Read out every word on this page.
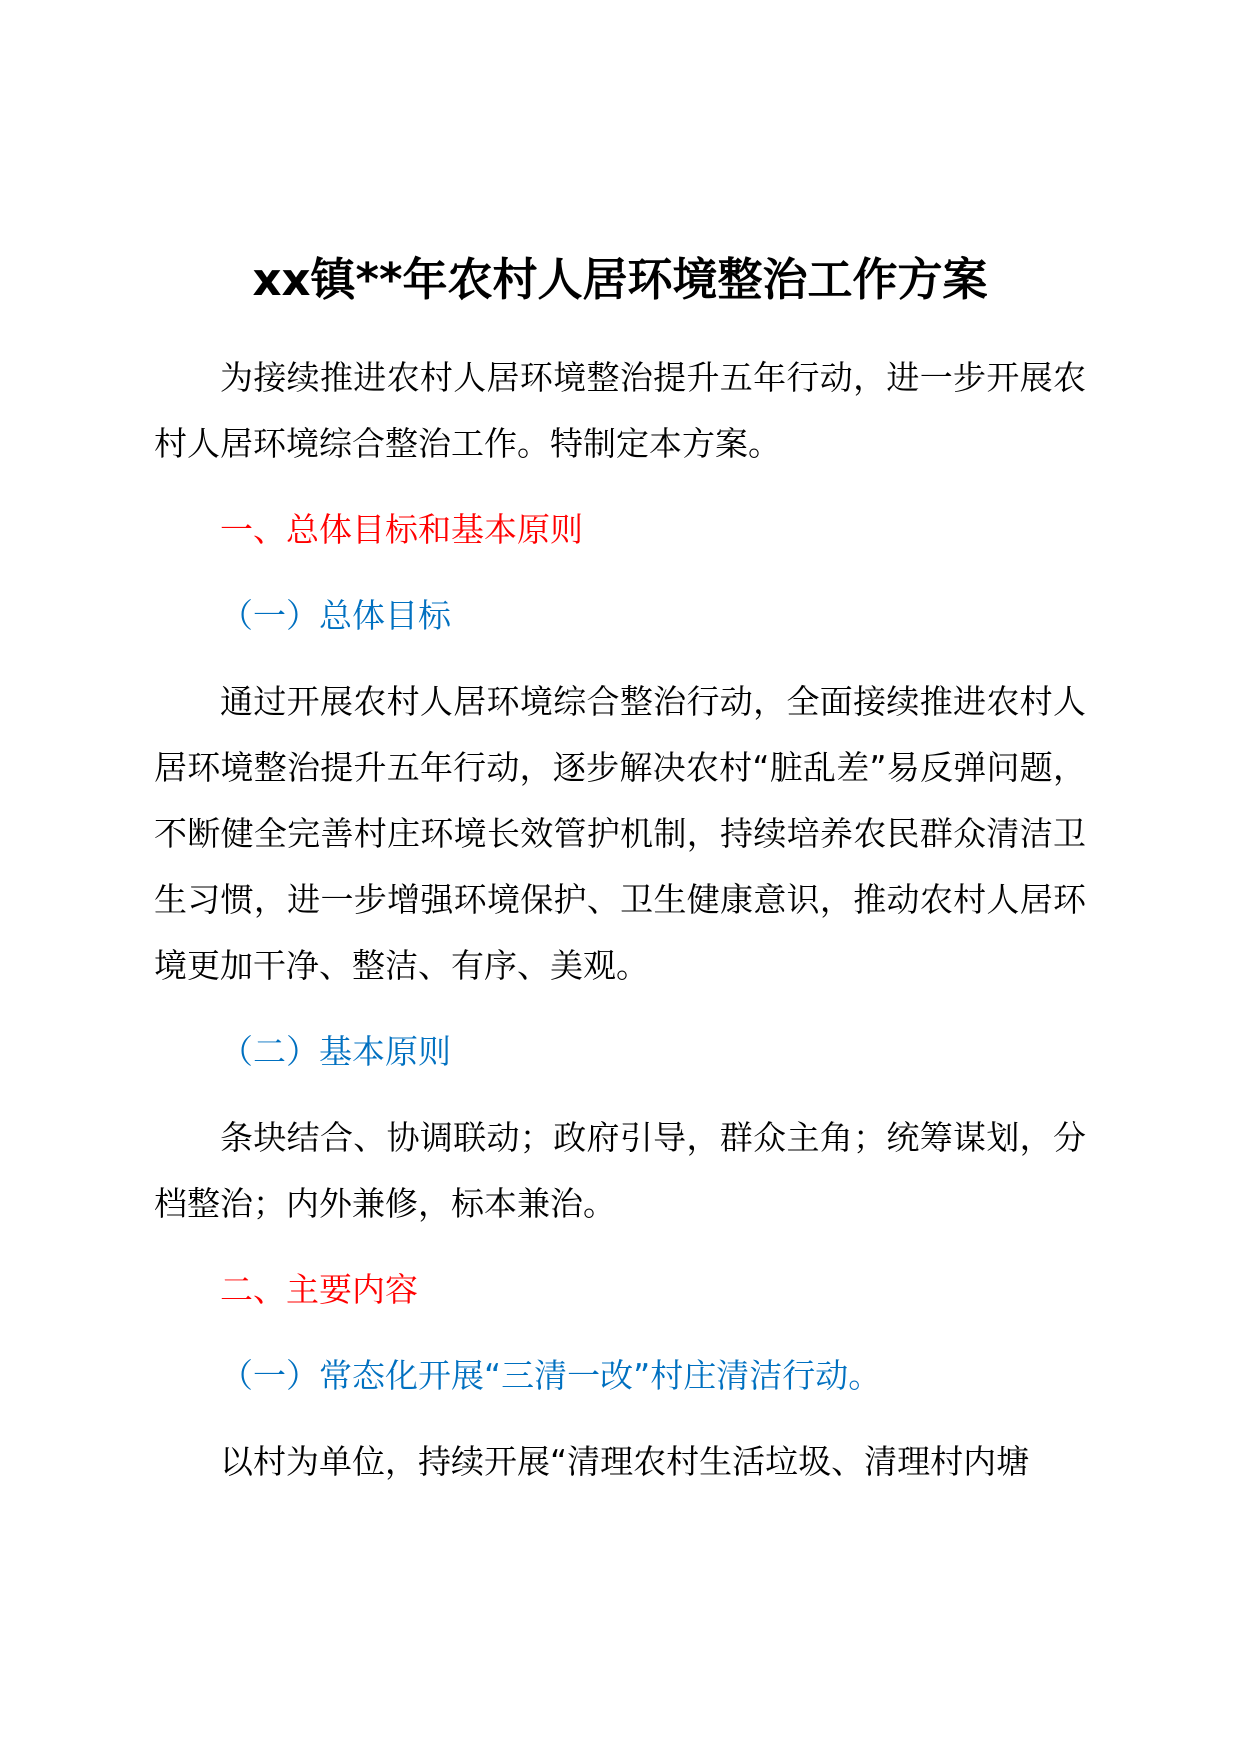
xx镇**年农村人居环境整治工作方案

为接续推进农村人居环境整治提升五年行动，进一步开展农村人居环境综合整治工作。特制定本方案。

一、总体目标和基本原则

（一）总体目标

通过开展农村人居环境综合整治行动，全面接续推进农村人居环境整治提升五年行动，逐步解决农村“脏乱差”易反弹问题，不断健全完善村庄环境长效管护机制，持续培养农民群众清洁卫生习惯，进一步增强环境保护、卫生健康意识，推动农村人居环境更加干净、整洁、有序、美观。

（二）基本原则

条块结合、协调联动；政府引导，群众主角；统筹谋划，分档整治；内外兼修，标本兼治。

二、主要内容

（一）常态化开展“三清一改”村庄清洁行动。

以村为单位，持续开展“清理农村生活垃圾、清理村内塘
